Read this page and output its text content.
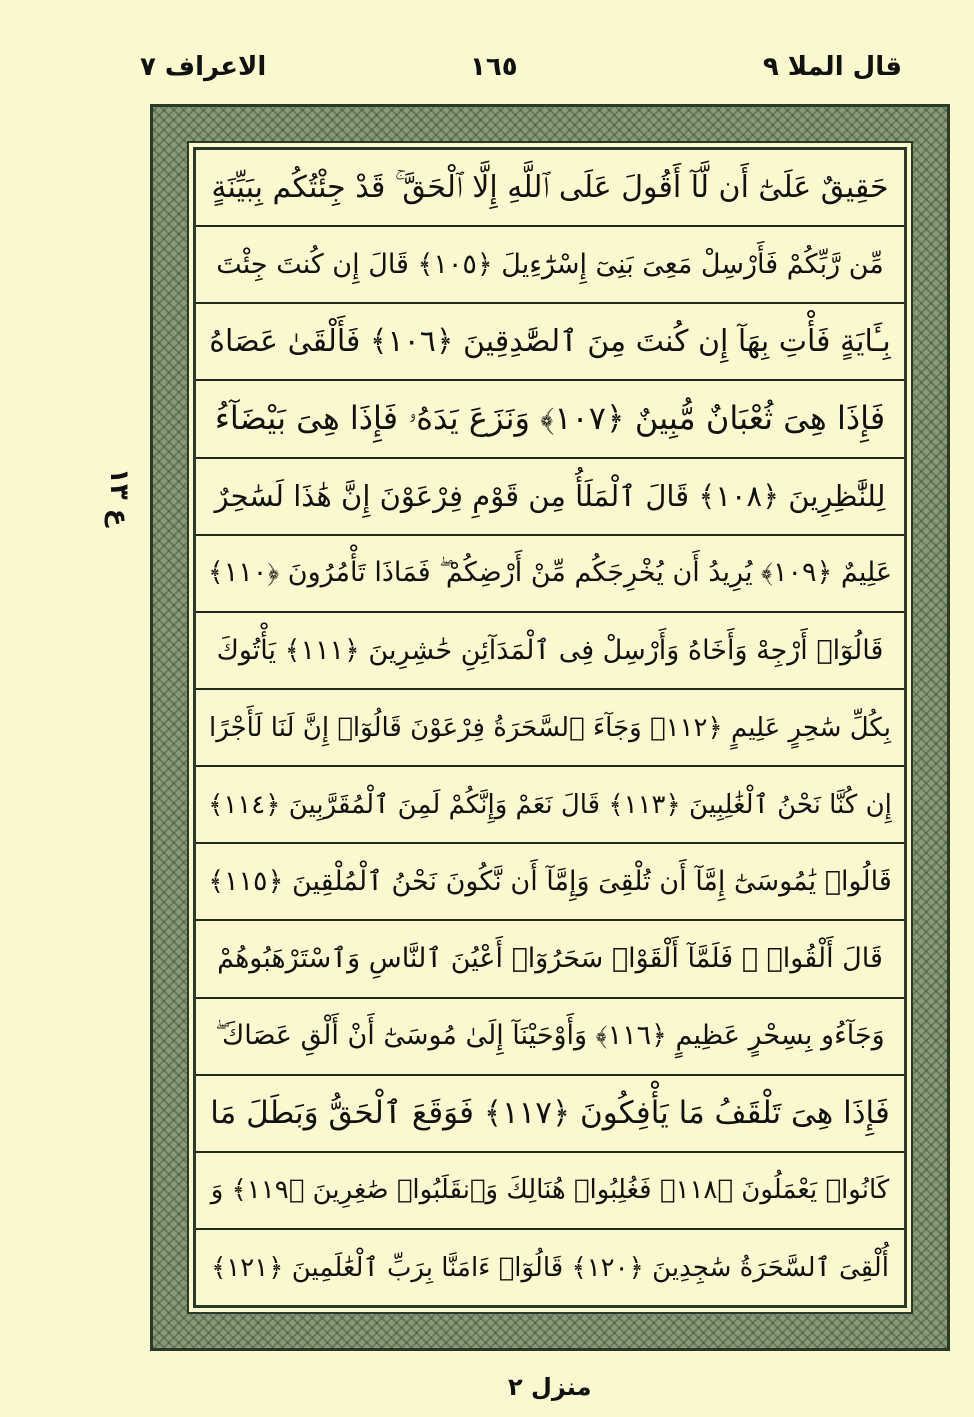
قال الملا ٩
١٦٥
الاعراف ۷
ع ۱۳
حَقِيقٌ عَلَىٰٓ أَن لَّآ أَقُولَ عَلَى ٱللَّهِ إِلَّا ٱلْحَقَّ ۚ قَدْ جِئْتُكُم بِبَيِّنَةٍ
مِّن رَّبِّكُمْ فَأَرْسِلْ مَعِىَ بَنِىٓ إِسْرَٰٓءِيلَ ﴿١٠٥﴾ قَالَ إِن كُنتَ جِئْتَ
بِـَٔايَةٍ فَأْتِ بِهَآ إِن كُنتَ مِنَ ٱلصَّٰدِقِينَ ﴿١٠٦﴾ فَأَلْقَىٰ عَصَاهُ
فَإِذَا هِىَ ثُعْبَانٌ مُّبِينٌ ﴿١٠٧﴾ وَنَزَعَ يَدَهُۥ فَإِذَا هِىَ بَيْضَآءُ
لِلنَّٰظِرِينَ ﴿١٠٨﴾ قَالَ ٱلْمَلَأُ مِن قَوْمِ فِرْعَوْنَ إِنَّ هَٰذَا لَسَٰحِرٌ
عَلِيمٌ ﴿١٠٩﴾ يُرِيدُ أَن يُخْرِجَكُم مِّنْ أَرْضِكُمْ ۖ فَمَاذَا تَأْمُرُونَ ﴿١١٠﴾
قَالُوٓا۟ أَرْجِهْ وَأَخَاهُ وَأَرْسِلْ فِى ٱلْمَدَآئِنِ حَٰشِرِينَ ﴿١١١﴾ يَأْتُوكَ
بِكُلِّ سَٰحِرٍ عَلِيمٍ ﴿١١٢﴾ وَجَآءَ ٱلسَّحَرَةُ فِرْعَوْنَ قَالُوٓا۟ إِنَّ لَنَا لَأَجْرًا
إِن كُنَّا نَحْنُ ٱلْغَٰلِبِينَ ﴿١١٣﴾ قَالَ نَعَمْ وَإِنَّكُمْ لَمِنَ ٱلْمُقَرَّبِينَ ﴿١١٤﴾
قَالُوا۟ يَٰمُوسَىٰٓ إِمَّآ أَن تُلْقِىَ وَإِمَّآ أَن نَّكُونَ نَحْنُ ٱلْمُلْقِينَ ﴿١١٥﴾
قَالَ أَلْقُوا۟ ۖ فَلَمَّآ أَلْقَوْا۟ سَحَرُوٓا۟ أَعْيُنَ ٱلنَّاسِ وَٱسْتَرْهَبُوهُمْ
وَجَآءُو بِسِحْرٍ عَظِيمٍ ﴿١١٦﴾ وَأَوْحَيْنَآ إِلَىٰ مُوسَىٰٓ أَنْ أَلْقِ عَصَاكَ ۖ
فَإِذَا هِىَ تَلْقَفُ مَا يَأْفِكُونَ ﴿١١٧﴾ فَوَقَعَ ٱلْحَقُّ وَبَطَلَ مَا
كَانُوا۟ يَعْمَلُونَ ﴿١١٨﴾ فَغُلِبُوا۟ هُنَالِكَ وَٱنقَلَبُوا۟ صَٰغِرِينَ ﴿١١٩﴾ وَ
أُلْقِىَ ٱلسَّحَرَةُ سَٰجِدِينَ ﴿١٢٠﴾ قَالُوٓا۟ ءَامَنَّا بِرَبِّ ٱلْعَٰلَمِينَ ﴿١٢١﴾
منزل ۲
